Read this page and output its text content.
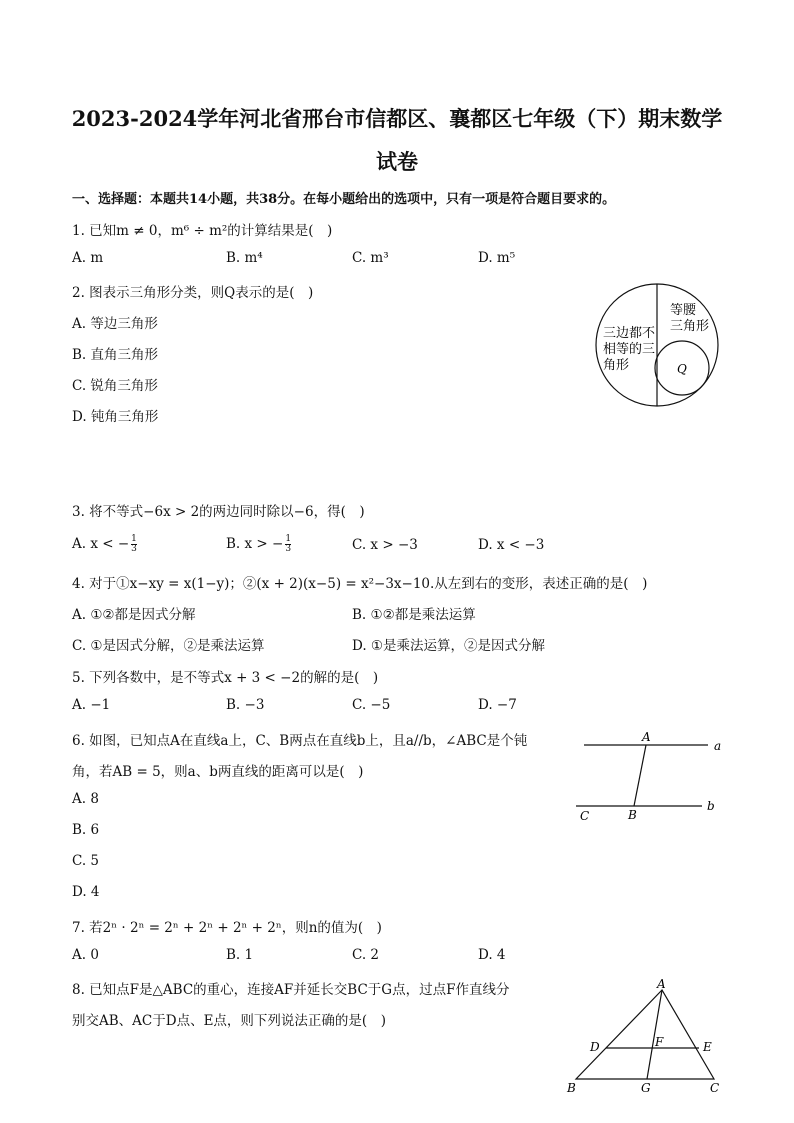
2023-2024学年河北省邢台市信都区、襄都区七年级（下）期末数学
试卷
一、选择题：本题共14小题，共38分。在每小题给出的选项中，只有一项是符合题目要求的。
1. 已知m ≠ 0，m⁶ ÷ m²的计算结果是(　)
A. m	B. m⁴	C. m³	D. m⁵
2. 图表示三角形分类，则Q表示的是(　)
A. 等边三角形
B. 直角三角形
C. 锐角三角形
D. 钝角三角形
三边都不
相等的三
角形
等腰
三角形
Q
3. 将不等式−6x > 2的两边同时除以−6，得(　)
A. x < − $\frac{1}{3}$	B. x > − $\frac{1}{3}$	C. x > −3	D. x < −3
4. 对于①x−xy = x(1−y)；②(x + 2)(x−5) = x²−3x−10.从左到右的变形，表述正确的是(　)
A. ①②都是因式分解	B. ①②都是乘法运算
C. ①是因式分解，②是乘法运算	D. ①是乘法运算，②是因式分解
5. 下列各数中，是不等式x + 3 < −2的解的是(　)
A. −1	B. −3	C. −5	D. −7
6. 如图，已知点A在直线a上，C、B两点在直线b上，且a//b，∠ABC是个钝
角，若AB = 5，则a、b两直线的距离可以是(　)
A. 8
B. 6
C. 5
D. 4
A
a
C	B
b
7. 若2ⁿ · 2ⁿ = 2ⁿ + 2ⁿ + 2ⁿ + 2ⁿ，则n的值为(　)
A. 0	B. 1	C. 2	D. 4
8. 已知点F是△ABC的重心，连接AF并延长交BC于G点，过点F作直线分
别交AB、AC于D点、E点，则下列说法正确的是(　)
A
D	F	E
B	G	C
